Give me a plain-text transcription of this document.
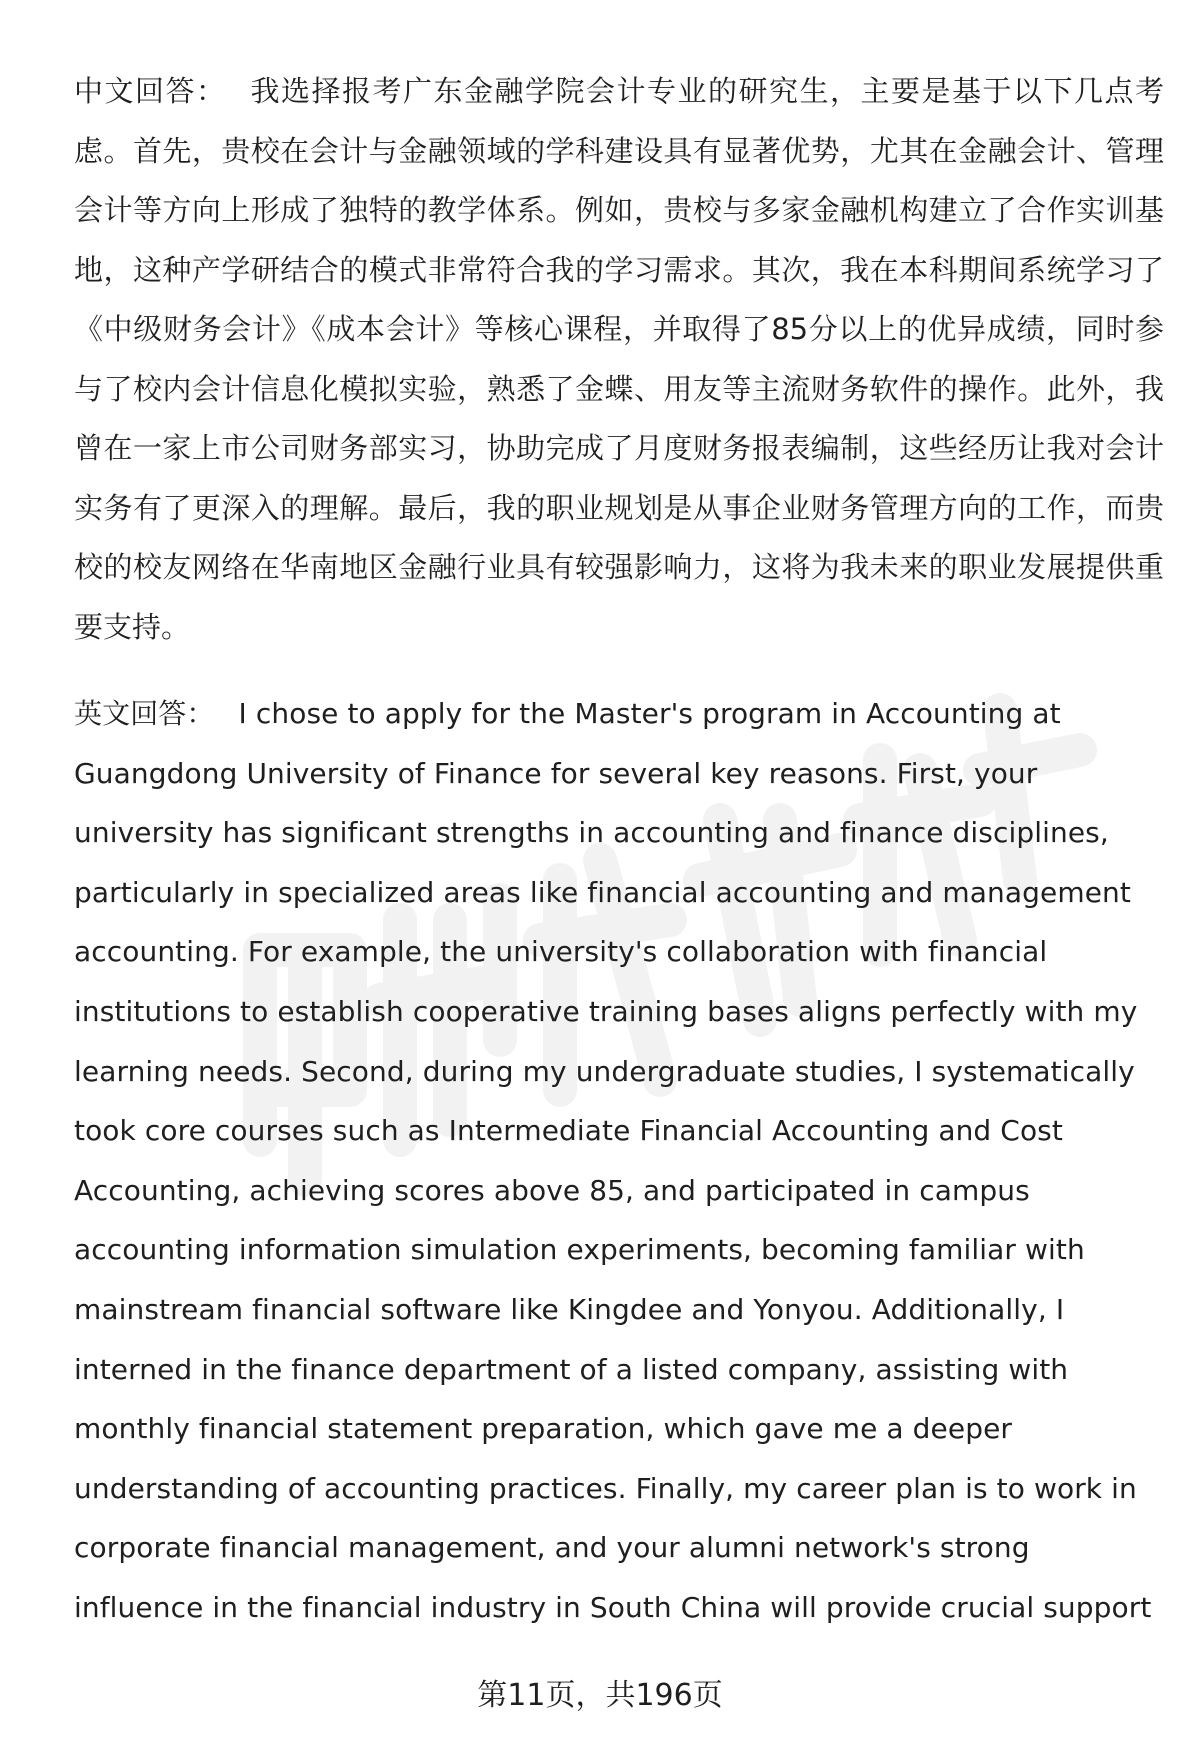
中文回答： 我选择报考广东金融学院会计专业的研究生，主要是基于以下几点考虑。首先，贵校在会计与金融领域的学科建设具有显著优势，尤其在金融会计、管理会计等方向上形成了独特的教学体系。例如，贵校与多家金融机构建立了合作实训基地，这种产学研结合的模式非常符合我的学习需求。其次，我在本科期间系统学习了《中级财务会计》《成本会计》等核心课程，并取得了85分以上的优异成绩，同时参与了校内会计信息化模拟实验，熟悉了金蝶、用友等主流财务软件的操作。此外，我曾在一家上市公司财务部实习，协助完成了月度财务报表编制，这些经历让我对会计实务有了更深入的理解。最后，我的职业规划是从事企业财务管理方向的工作，而贵校的校友网络在华南地区金融行业具有较强影响力，这将为我未来的职业发展提供重要支持。

英文回答： I chose to apply for the Master's program in Accounting at Guangdong University of Finance for several key reasons. First, your university has significant strengths in accounting and finance disciplines, particularly in specialized areas like financial accounting and management accounting. For example, the university's collaboration with financial institutions to establish cooperative training bases aligns perfectly with my learning needs. Second, during my undergraduate studies, I systematically took core courses such as Intermediate Financial Accounting and Cost Accounting, achieving scores above 85, and participated in campus accounting information simulation experiments, becoming familiar with mainstream financial software like Kingdee and Yonyou. Additionally, I interned in the finance department of a listed company, assisting with monthly financial statement preparation, which gave me a deeper understanding of accounting practices. Finally, my career plan is to work in corporate financial management, and your alumni network's strong influence in the financial industry in South China will provide crucial support

第11页，共196页
